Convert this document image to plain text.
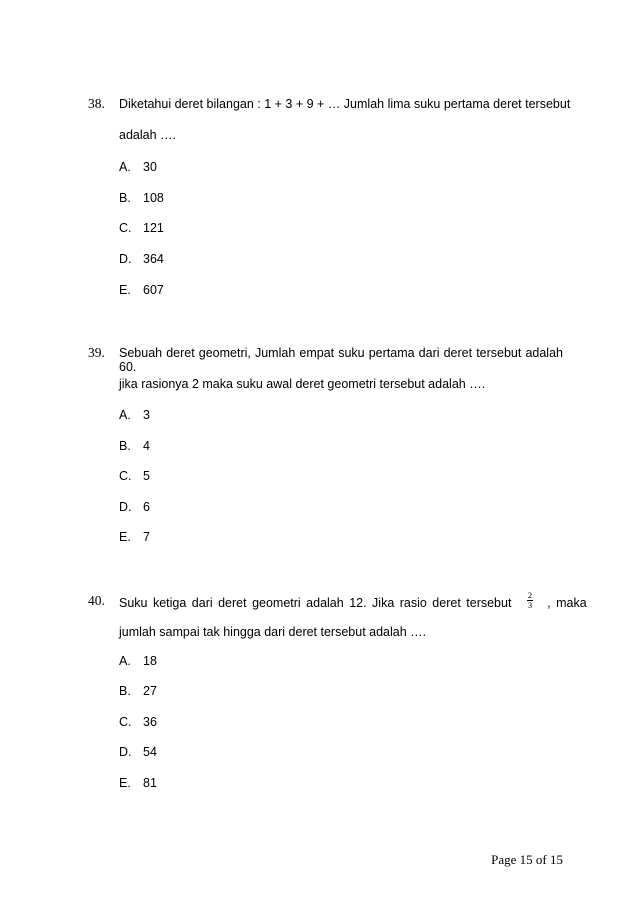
38. Diketahui deret bilangan : 1 + 3 + 9 + … Jumlah lima suku pertama deret tersebut
adalah ….
A. 30
B. 108
C. 121
D. 364
E. 607
39. Sebuah deret geometri, Jumlah empat suku pertama dari deret tersebut adalah 60.
jika rasionya 2 maka suku awal deret geometri tersebut adalah ….
A. 3
B. 4
C. 5
D. 6
E. 7
40. Suku ketiga dari deret geometri adalah 12. Jika rasio deret tersebut $\frac{2}{3}$ , maka
jumlah sampai tak hingga dari deret tersebut adalah ….
A. 18
B. 27
C. 36
D. 54
E. 81
Page 15 of 15
